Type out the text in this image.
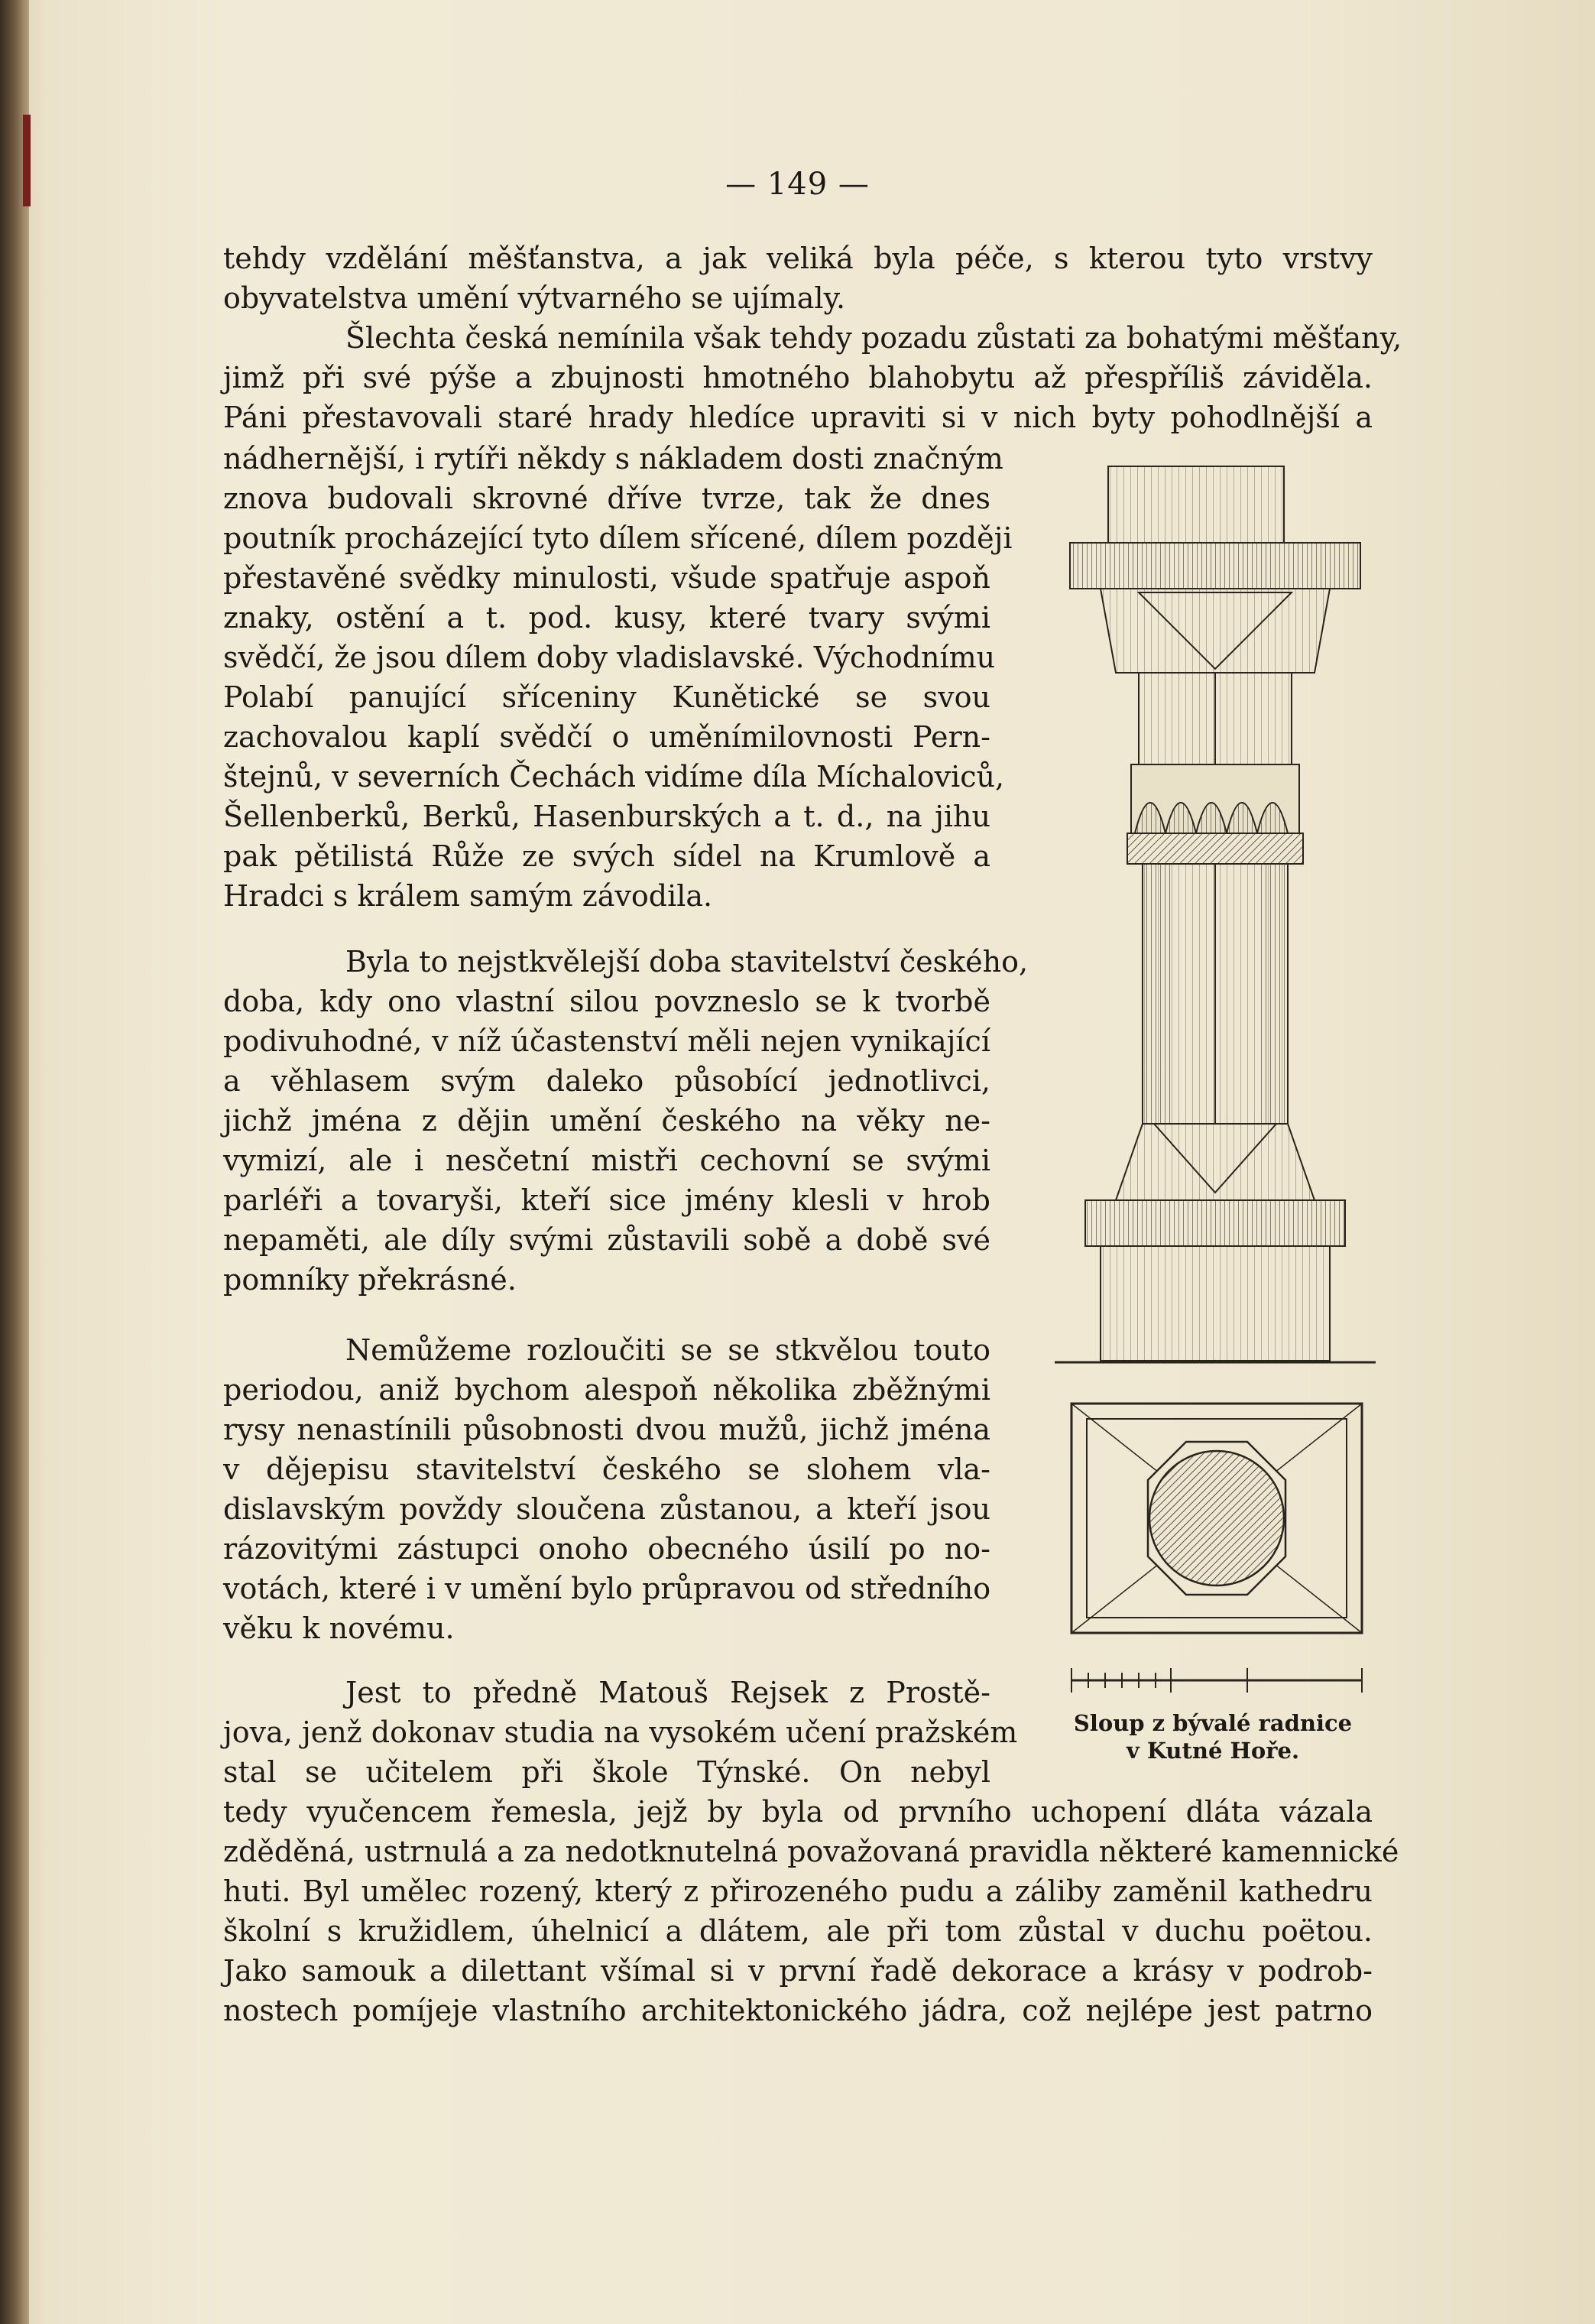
— 149 —
tehdy vzdělání měšťanstva, a jak veliká byla péče, s kterou tyto vrstvy
obyvatelstva umění výtvarného se ujímaly.
Šlechta česká nemínila však tehdy pozadu zůstati za bohatými měšťany,
jimž při své pýše a zbujnosti hmotného blahobytu až přespříliš závidělа.
Páni přestavovali staré hrady hledíce upraviti si v nich byty pohodlnější a
nádhernější, i rytíři někdy s nákladem dosti značným
znova budovali skrovné dříve tvrze, tak že dnes
poutník procházející tyto dílem sřícené, dílem později
přestavěné svědky minulosti, všude spatřuje aspoň
znaky, ostění a t. pod. kusy, které tvary svými
svědčí, že jsou dílem doby vladislavské. Východnímu
Polabí panující sříceniny Kunětické se svou
zachovalou kaplí svědčí o uměnímilovnosti Pern-
štejnů, v severních Čechách vidíme díla Míchaloviců,
Šellenberků, Berků, Hasenburských a t. d., na jihu
pak pětilistá Růže ze svých sídel na Krumlově a
Hradci s králem samým závodila.
Byla to nejstkvělejší doba stavitelství českého,
doba, kdy ono vlastní silou povzneslo se k tvorbě
podivuhodné, v níž účastenství měli nejen vynikající
a věhlasem svým daleko působící jednotlivci,
jichž jména z dějin umění českého na věky ne-
vymizí, ale i nesčetní mistři cechovní se svými
parléři a tovaryši, kteří sice jmény klesli v hrob
nepaměti, ale díly svými zůstavili sobě a době své
pomníky překrásné.
Nemůžeme rozloučiti se se stkvělou touto
periodou, aniž bychom alespoň několika zběžnými
rysy nenastínili působnosti dvou mužů, jichž jména
v dějepisu stavitelství českého se slohem vla-
dislavským povždy sloučena zůstanou, a kteří jsou
rázovitými zástupci onoho obecného úsilí po no-
votách, které i v umění bylo průpravou od středního
věku k novému.
Jest to předně Matouš Rejsek z Prostě-
jova, jenž dokonav studia na vysokém učení pražském
stal se učitelem při škole Týnské. On nebyl
tedy vyučencem řemesla, jejž by byla od prvního uchopení dláta vázala
zděděná, ustrnulá a za nedotknutelná považovaná pravidla některé kamennické
huti. Byl umělec rozený, který z přirozeného pudu a záliby zaměnil kathedru
školní s kružidlem, úhelnicí a dlátem, ale při tom zůstal v duchu poëtou.
Jako samouk a dilettant všímal si v první řadě dekorace a krásy v podrob-
nostech pomíjeje vlastního architektonického jádra, což nejlépe jest patrno
Sloup z bývalé radnice
v Kutné Hoře.
